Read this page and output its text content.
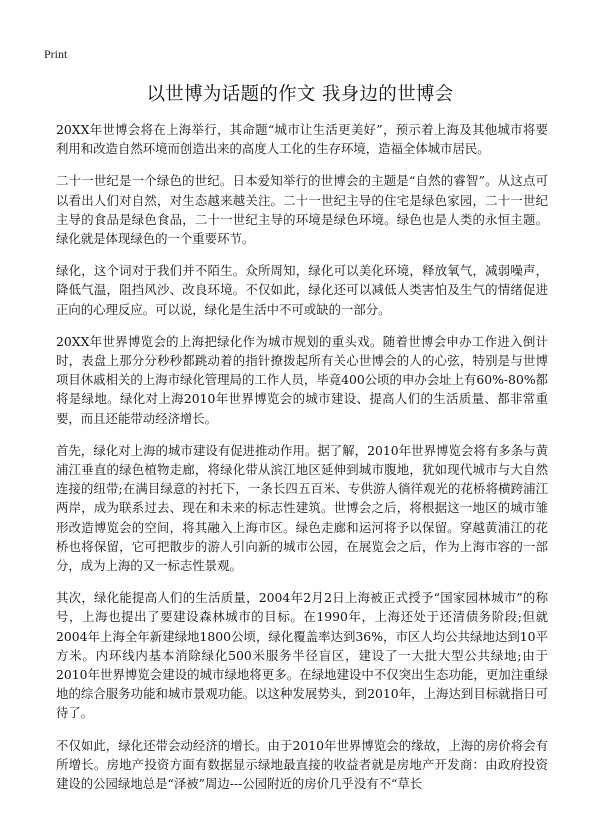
Print
以世博为话题的作文 我身边的世博会

20XX年世博会将在上海举行，其命题“城市让生活更美好”，预示着上海及其他城市将要利用和改造自然环境而创造出来的高度人工化的生存环境，造福全体城市居民。

二十一世纪是一个绿色的世纪。日本爱知举行的世博会的主题是“自然的睿智”。从这点可以看出人们对自然，对生态越来越关注。二十一世纪主导的住宅是绿色家园，二十一世纪主导的食品是绿色食品，二十一世纪主导的环境是绿色环境。绿色也是人类的永恒主题。绿化就是体现绿色的一个重要环节。

绿化，这个词对于我们并不陌生。众所周知，绿化可以美化环境，释放氧气，减弱噪声，降低气温，阻挡风沙、改良环境。不仅如此，绿化还可以减低人类害怕及生气的情绪促进正向的心理反应。可以说，绿化是生活中不可或缺的一部分。

20XX年世界博览会的上海把绿化作为城市规划的重头戏。随着世博会申办工作进入倒计时，表盘上那分分秒秒都跳动着的指针撩拨起所有关心世博会的人的心弦，特别是与世博项目休戚相关的上海市绿化管理局的工作人员，毕竟400公顷的申办会址上有60%-80%都将是绿地。绿化对上海2010年世界博览会的城市建设、提高人们的生活质量、都非常重要，而且还能带动经济增长。

首先，绿化对上海的城市建设有促进推动作用。据了解，2010年世界博览会将有多条与黄浦江垂直的绿色植物走廊，将绿化带从滨江地区延伸到城市腹地，犹如现代城市与大自然连接的纽带;在满目绿意的衬托下，一条长四五百米、专供游人徜徉观光的花桥将横跨浦江两岸，成为联系过去、现在和未来的标志性建筑。世博会之后，将根据这一地区的城市雏形改造博览会的空间，将其融入上海市区。绿色走廊和运河将予以保留。穿越黄浦江的花桥也将保留，它可把散步的游人引向新的城市公园，在展览会之后，作为上海市容的一部分，成为上海的又一标志性景观。

其次，绿化能提高人们的生活质量，2004年2月2日上海被正式授予“国家园林城市”的称号，上海也提出了要建设森林城市的目标。在1990年，上海还处于还清债务阶段;但就2004年上海全年新建绿地1800公顷，绿化覆盖率达到36%，市区人均公共绿地达到10平方米。内环线内基本消除绿化500米服务半径盲区，建设了一大批大型公共绿地;由于2010年世界博览会建设的城市绿地将更多。在绿地建设中不仅突出生态功能，更加注重绿地的综合服务功能和城市景观功能。以这种发展势头，到2010年，上海达到目标就指日可待了。

不仅如此，绿化还带会动经济的增长。由于2010年世界博览会的缘故，上海的房价将会有所增长。房地产投资方面有数据显示绿地最直接的收益者就是房地产开发商：由政府投资建设的公园绿地总是“泽被”周边---公园附近的房价几乎没有不“草长
